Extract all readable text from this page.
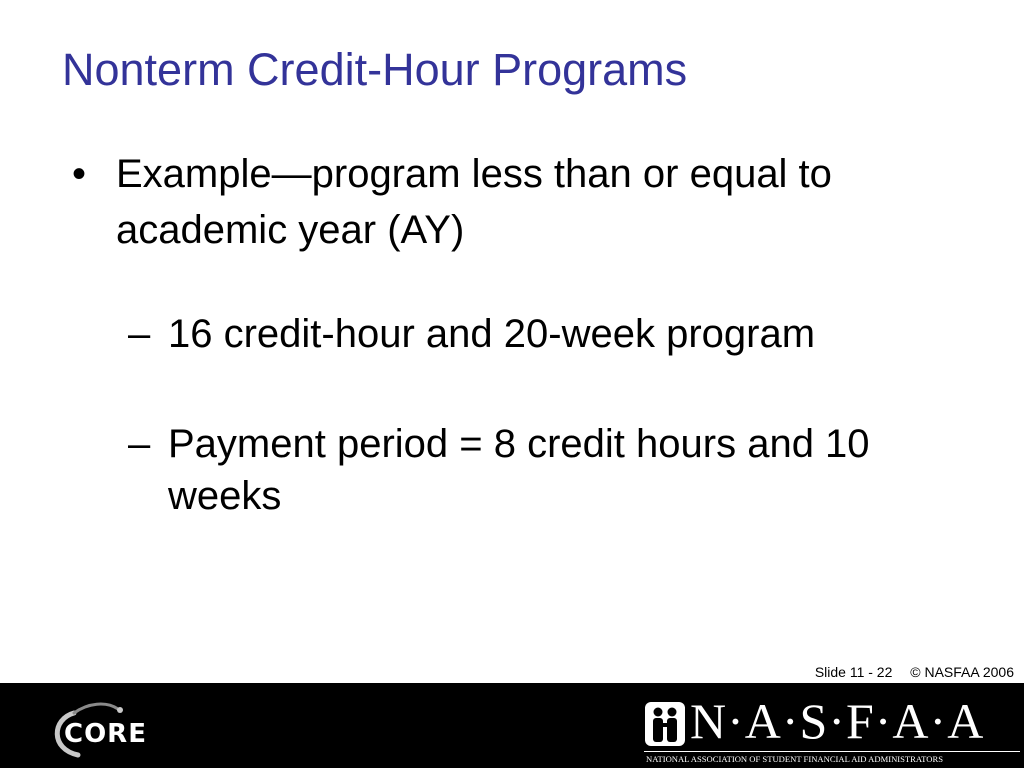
Nonterm Credit-Hour Programs
• Example—program less than or equal to academic year (AY)
– 16 credit-hour and 20-week program
– Payment period = 8 credit hours and 10 weeks
Slide 11 - 22 © NASFAA 2006
CORE	N·A·S·F·A·A
NATIONAL ASSOCIATION OF STUDENT FINANCIAL AID ADMINISTRATORS
